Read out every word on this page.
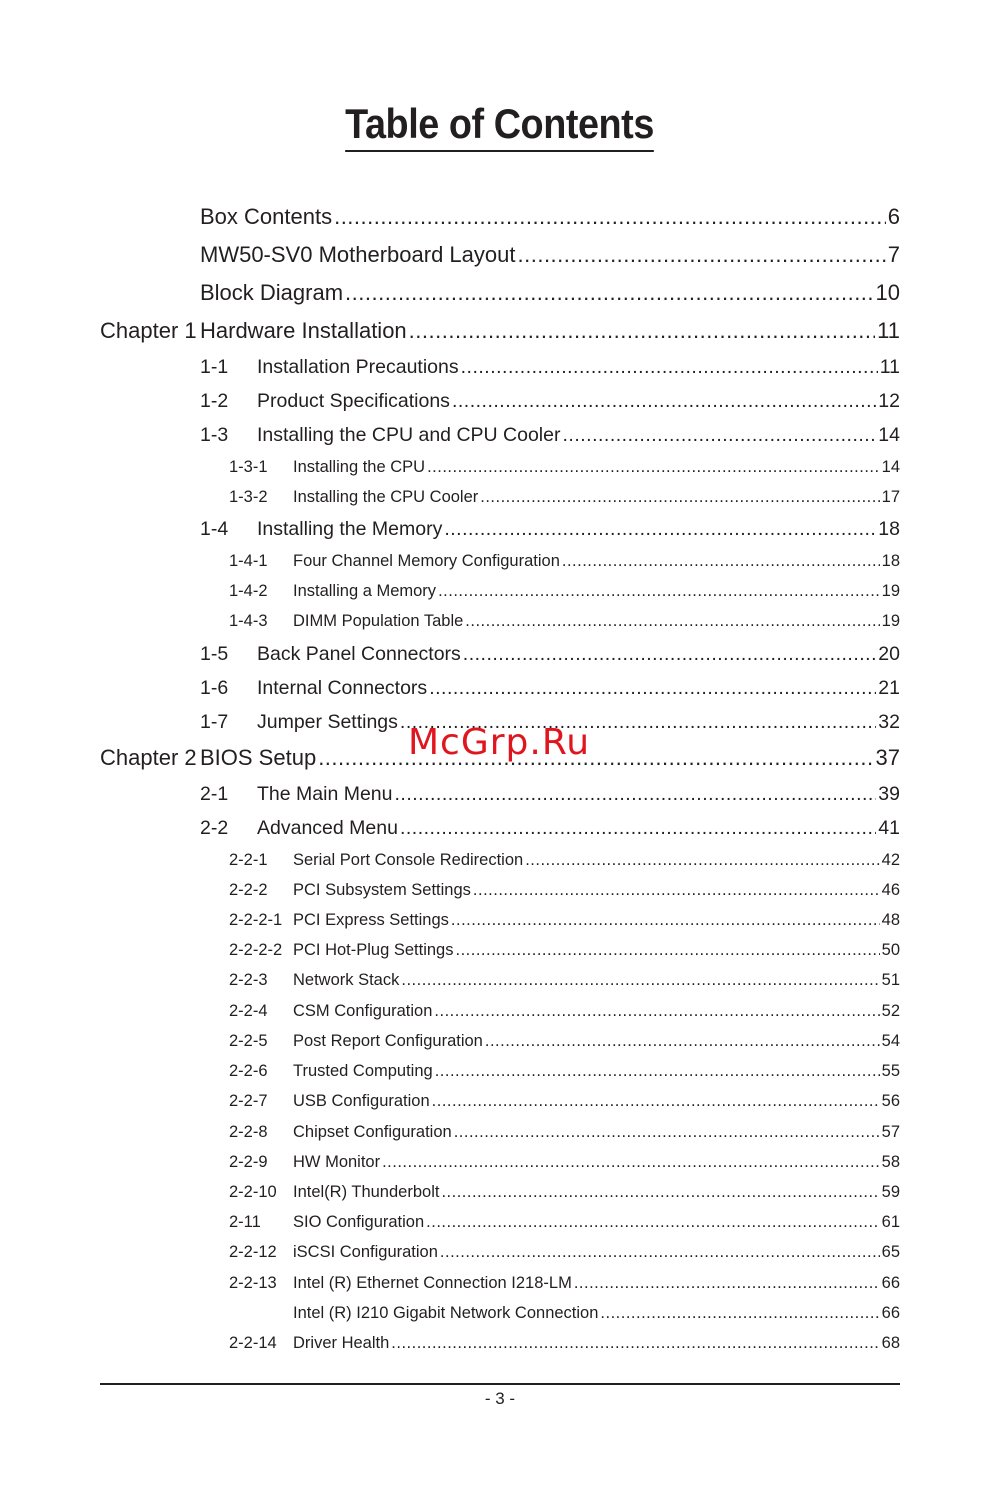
Table of Contents
Box Contents .....	6
MW50-SV0 Motherboard Layout .....	7
Block Diagram .....	10
Chapter 1 Hardware Installation .....	11
1-1	Installation Precautions .....	11
1-2	Product Specifications .....	12
1-3	Installing the CPU and CPU Cooler .....	14
1-3-1	Installing the CPU .....	14
1-3-2	Installing the CPU Cooler .....	17
1-4	Installing the Memory .....	18
1-4-1	Four Channel Memory Configuration .....	18
1-4-2	Installing a Memory .....	19
1-4-3	DIMM Population Table .....	19
1-5	Back Panel Connectors .....	20
1-6	Internal Connectors .....	21
1-7	Jumper Settings .....	32
Chapter 2 BIOS Setup .....	37
2-1	The Main Menu .....	39
2-2	Advanced Menu .....	41
2-2-1	Serial Port Console Redirection .....	42
2-2-2	PCI Subsystem Settings .....	46
2-2-2-1 PCI Express Settings .....	48
2-2-2-2 PCI Hot-Plug Settings .....	50
2-2-3	Network Stack .....	51
2-2-4	CSM Configuration .....	52
2-2-5	Post Report Configuration .....	54
2-2-6	Trusted Computing .....	55
2-2-7	USB Configuration .....	56
2-2-8	Chipset Configuration .....	57
2-2-9	HW Monitor .....	58
2-2-10 Intel(R) Thunderbolt .....	59
2-11	SIO Configuration .....	61
2-2-12 iSCSI Configuration .....	65
2-2-13 Intel (R) Ethernet Connection I218-LM .....	66
Intel (R) I210 Gigabit Network Connection .....	66
2-2-14 Driver Health .....	68
McGrp.Ru
- 3 -
